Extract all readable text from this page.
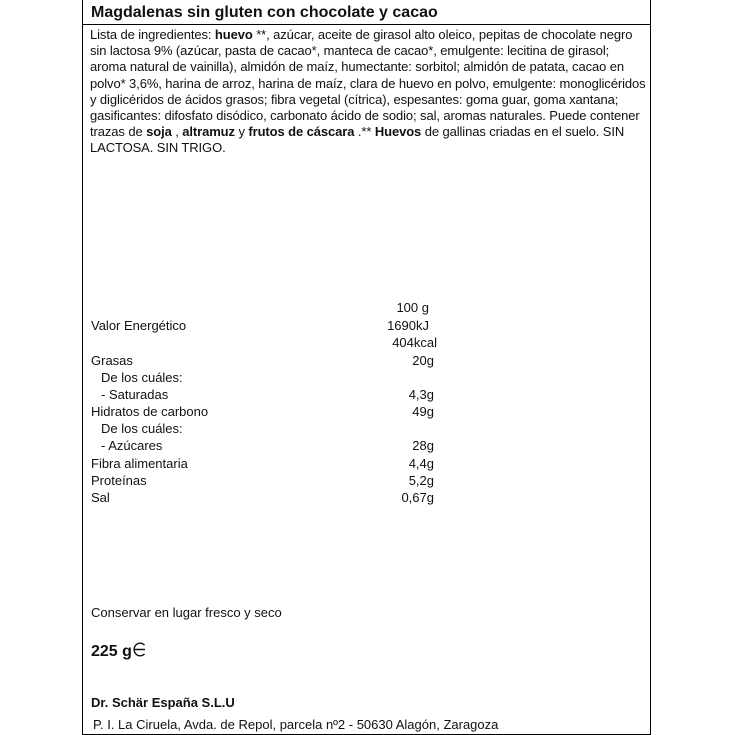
Magdalenas sin gluten con chocolate y cacao
Lista de ingredientes: huevo **, azúcar, aceite de girasol alto oleico, pepitas de chocolate negro sin lactosa 9% (azúcar, pasta de cacao*, manteca de cacao*, emulgente: lecitina de girasol; aroma natural de vainilla), almidón de maíz, humectante: sorbitol; almidón de patata, cacao en polvo* 3,6%, harina de arroz, harina de maíz, clara de huevo en polvo, emulgente: monoglicéridos y diglicéridos de ácidos grasos; fibra vegetal (cítrica), espesantes: goma guar, goma xantana; gasificantes: difosfato disódico, carbonato ácido de sodio; sal, aromas naturales. Puede contener trazas de soja , altramuz y frutos de cáscara .** Huevos de gallinas criadas en el suelo. SIN LACTOSA. SIN TRIGO.
100 g
Valor Energético	1690kJ
404kcal
Grasas	20g
De los cuáles:
- Saturadas	4,3g
Hidratos de carbono	49g
De los cuáles:
- Azúcares	28g
Fibra alimentaria	4,4g
Proteínas	5,2g
Sal	0,67g
Conservar en lugar fresco y seco
225 g
Dr. Schär España S.L.U
P. I. La Ciruela, Avda. de Repol, parcela nº2 - 50630 Alagón, Zaragoza
